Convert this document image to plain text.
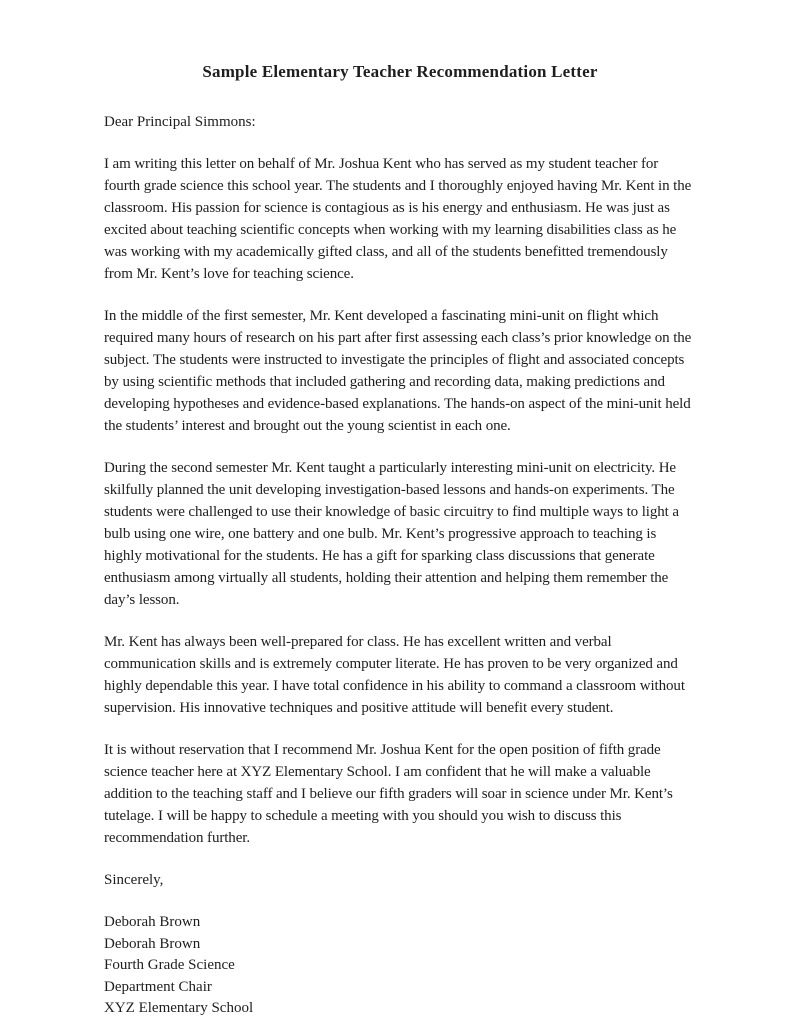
Sample Elementary Teacher Recommendation Letter

Dear Principal Simmons:

I am writing this letter on behalf of Mr. Joshua Kent who has served as my student teacher for fourth grade science this school year. The students and I thoroughly enjoyed having Mr. Kent in the classroom. His passion for science is contagious as is his energy and enthusiasm. He was just as excited about teaching scientific concepts when working with my learning disabilities class as he was working with my academically gifted class, and all of the students benefitted tremendously from Mr. Kent’s love for teaching science.

In the middle of the first semester, Mr. Kent developed a fascinating mini-unit on flight which required many hours of research on his part after first assessing each class’s prior knowledge on the subject. The students were instructed to investigate the principles of flight and associated concepts by using scientific methods that included gathering and recording data, making predictions and developing hypotheses and evidence-based explanations. The hands-on aspect of the mini-unit held the students’ interest and brought out the young scientist in each one.

During the second semester Mr. Kent taught a particularly interesting mini-unit on electricity. He skilfully planned the unit developing investigation-based lessons and hands-on experiments. The students were challenged to use their knowledge of basic circuitry to find multiple ways to light a bulb using one wire, one battery and one bulb. Mr. Kent’s progressive approach to teaching is highly motivational for the students. He has a gift for sparking class discussions that generate enthusiasm among virtually all students, holding their attention and helping them remember the day’s lesson.

Mr. Kent has always been well-prepared for class. He has excellent written and verbal communication skills and is extremely computer literate. He has proven to be very organized and highly dependable this year. I have total confidence in his ability to command a classroom without supervision. His innovative techniques and positive attitude will benefit every student.

It is without reservation that I recommend Mr. Joshua Kent for the open position of fifth grade science teacher here at XYZ Elementary School. I am confident that he will make a valuable addition to the teaching staff and I believe our fifth graders will soar in science under Mr. Kent’s tutelage. I will be happy to schedule a meeting with you should you wish to discuss this recommendation further.

Sincerely,

Deborah Brown

Deborah Brown

Fourth Grade Science

Department Chair

XYZ Elementary School
